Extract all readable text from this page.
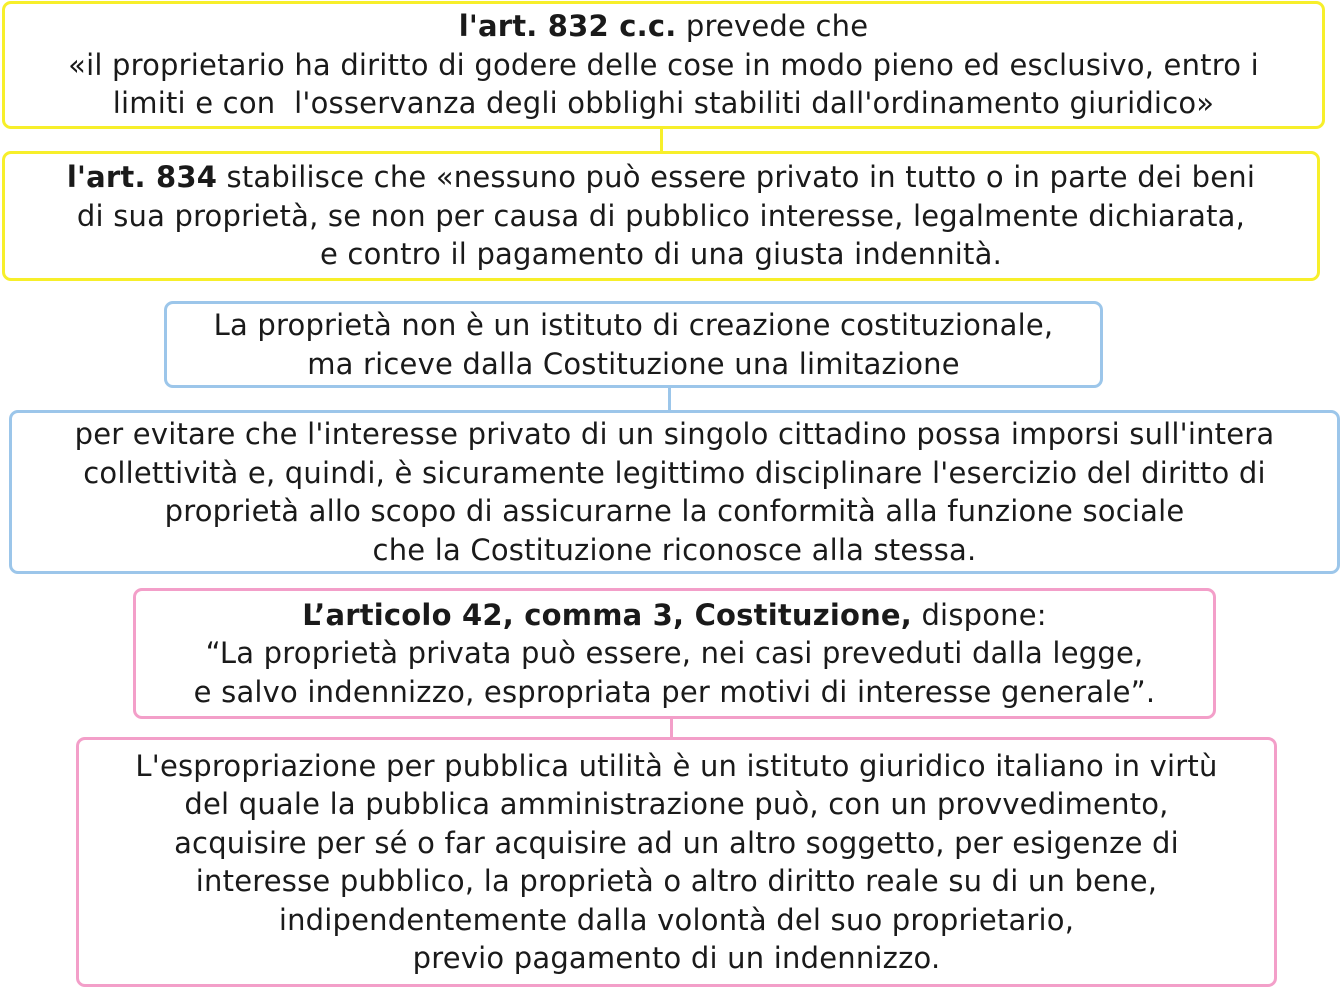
l'art. 832 c.c. prevede che
«il proprietario ha diritto di godere delle cose in modo pieno ed esclusivo, entro i
limiti e con  l'osservanza degli obblighi stabiliti dall'ordinamento giuridico»
l'art. 834 stabilisce che «nessuno può essere privato in tutto o in parte dei beni
di sua proprietà, se non per causa di pubblico interesse, legalmente dichiarata,
e contro il pagamento di una giusta indennità.
La proprietà non è un istituto di creazione costituzionale,
ma riceve dalla Costituzione una limitazione
per evitare che l'interesse privato di un singolo cittadino possa imporsi sull'intera
collettività e, quindi, è sicuramente legittimo disciplinare l'esercizio del diritto di
proprietà allo scopo di assicurarne la conformità alla funzione sociale
che la Costituzione riconosce alla stessa.
L’articolo 42, comma 3, Costituzione, dispone:
“La proprietà privata può essere, nei casi preveduti dalla legge,
e salvo indennizzo, espropriata per motivi di interesse generale”.
L'espropriazione per pubblica utilità è un istituto giuridico italiano in virtù
del quale la pubblica amministrazione può, con un provvedimento,
acquisire per sé o far acquisire ad un altro soggetto, per esigenze di
interesse pubblico, la proprietà o altro diritto reale su di un bene,
indipendentemente dalla volontà del suo proprietario,
previo pagamento di un indennizzo.
